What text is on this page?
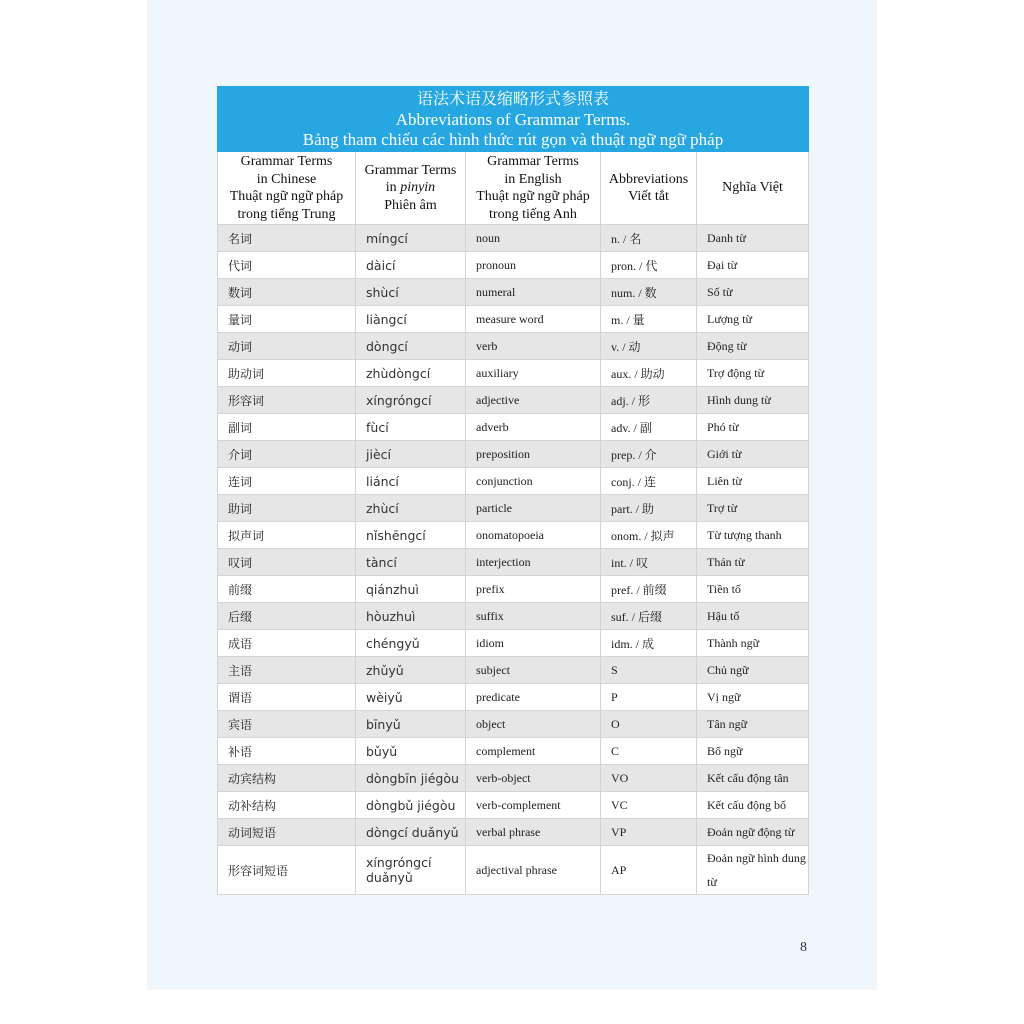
语法术语及缩略形式参照表
Abbreviations of Grammar Terms.
Bảng tham chiếu các hình thức rút gọn và thuật ngữ ngữ pháp				

Grammar Terms
in Chinese
Thuật ngữ ngữ pháp
trong tiếng Trung	Grammar Terms
in pinyin
Phiên âm	Grammar Terms
in English
Thuật ngữ ngữ pháp
trong tiếng Anh	Abbreviations
Viết tắt	Nghĩa Việt

名词	míngcí	noun	n. / 名	Danh từ
代词	dàicí	pronoun	pron. / 代	Đại từ
数词	shùcí	numeral	num. / 数	Số từ
量词	liàngcí	measure word	m. / 量	Lượng từ
动词	dòngcí	verb	v. / 动	Động từ
助动词	zhùdòngcí	auxiliary	aux. / 助动	Trợ động từ
形容词	xíngróngcí	adjective	adj. / 形	Hình dung từ
副词	fùcí	adverb	adv. / 副	Phó từ
介词	jiècí	preposition	prep. / 介	Giới từ
连词	liáncí	conjunction	conj. / 连	Liên từ
助词	zhùcí	particle	part. / 助	Trợ từ
拟声词	nǐshēngcí	onomatopoeia	onom. / 拟声	Từ tượng thanh
叹词	tàncí	interjection	int. / 叹	Thán từ
前缀	qiánzhuì	prefix	pref. / 前缀	Tiền tố
后缀	hòuzhuì	suffix	suf. / 后缀	Hậu tố
成语	chéngyǔ	idiom	idm. / 成	Thành ngữ
主语	zhǔyǔ	subject	S	Chủ ngữ
谓语	wèiyǔ	predicate	P	Vị ngữ
宾语	bīnyǔ	object	O	Tân ngữ
补语	bǔyǔ	complement	C	Bổ ngữ
动宾结构	dòngbīn jiégòu	verb-object	VO	Kết cấu động tân
动补结构	dòngbǔ jiégòu	verb-complement	VC	Kết cấu động bổ
动词短语	dòngcí duǎnyǔ	verbal phrase	VP	Đoản ngữ động từ
形容词短语	xíngróngcí duǎnyǔ	adjectival phrase	AP	Đoản ngữ hình dung từ
8
